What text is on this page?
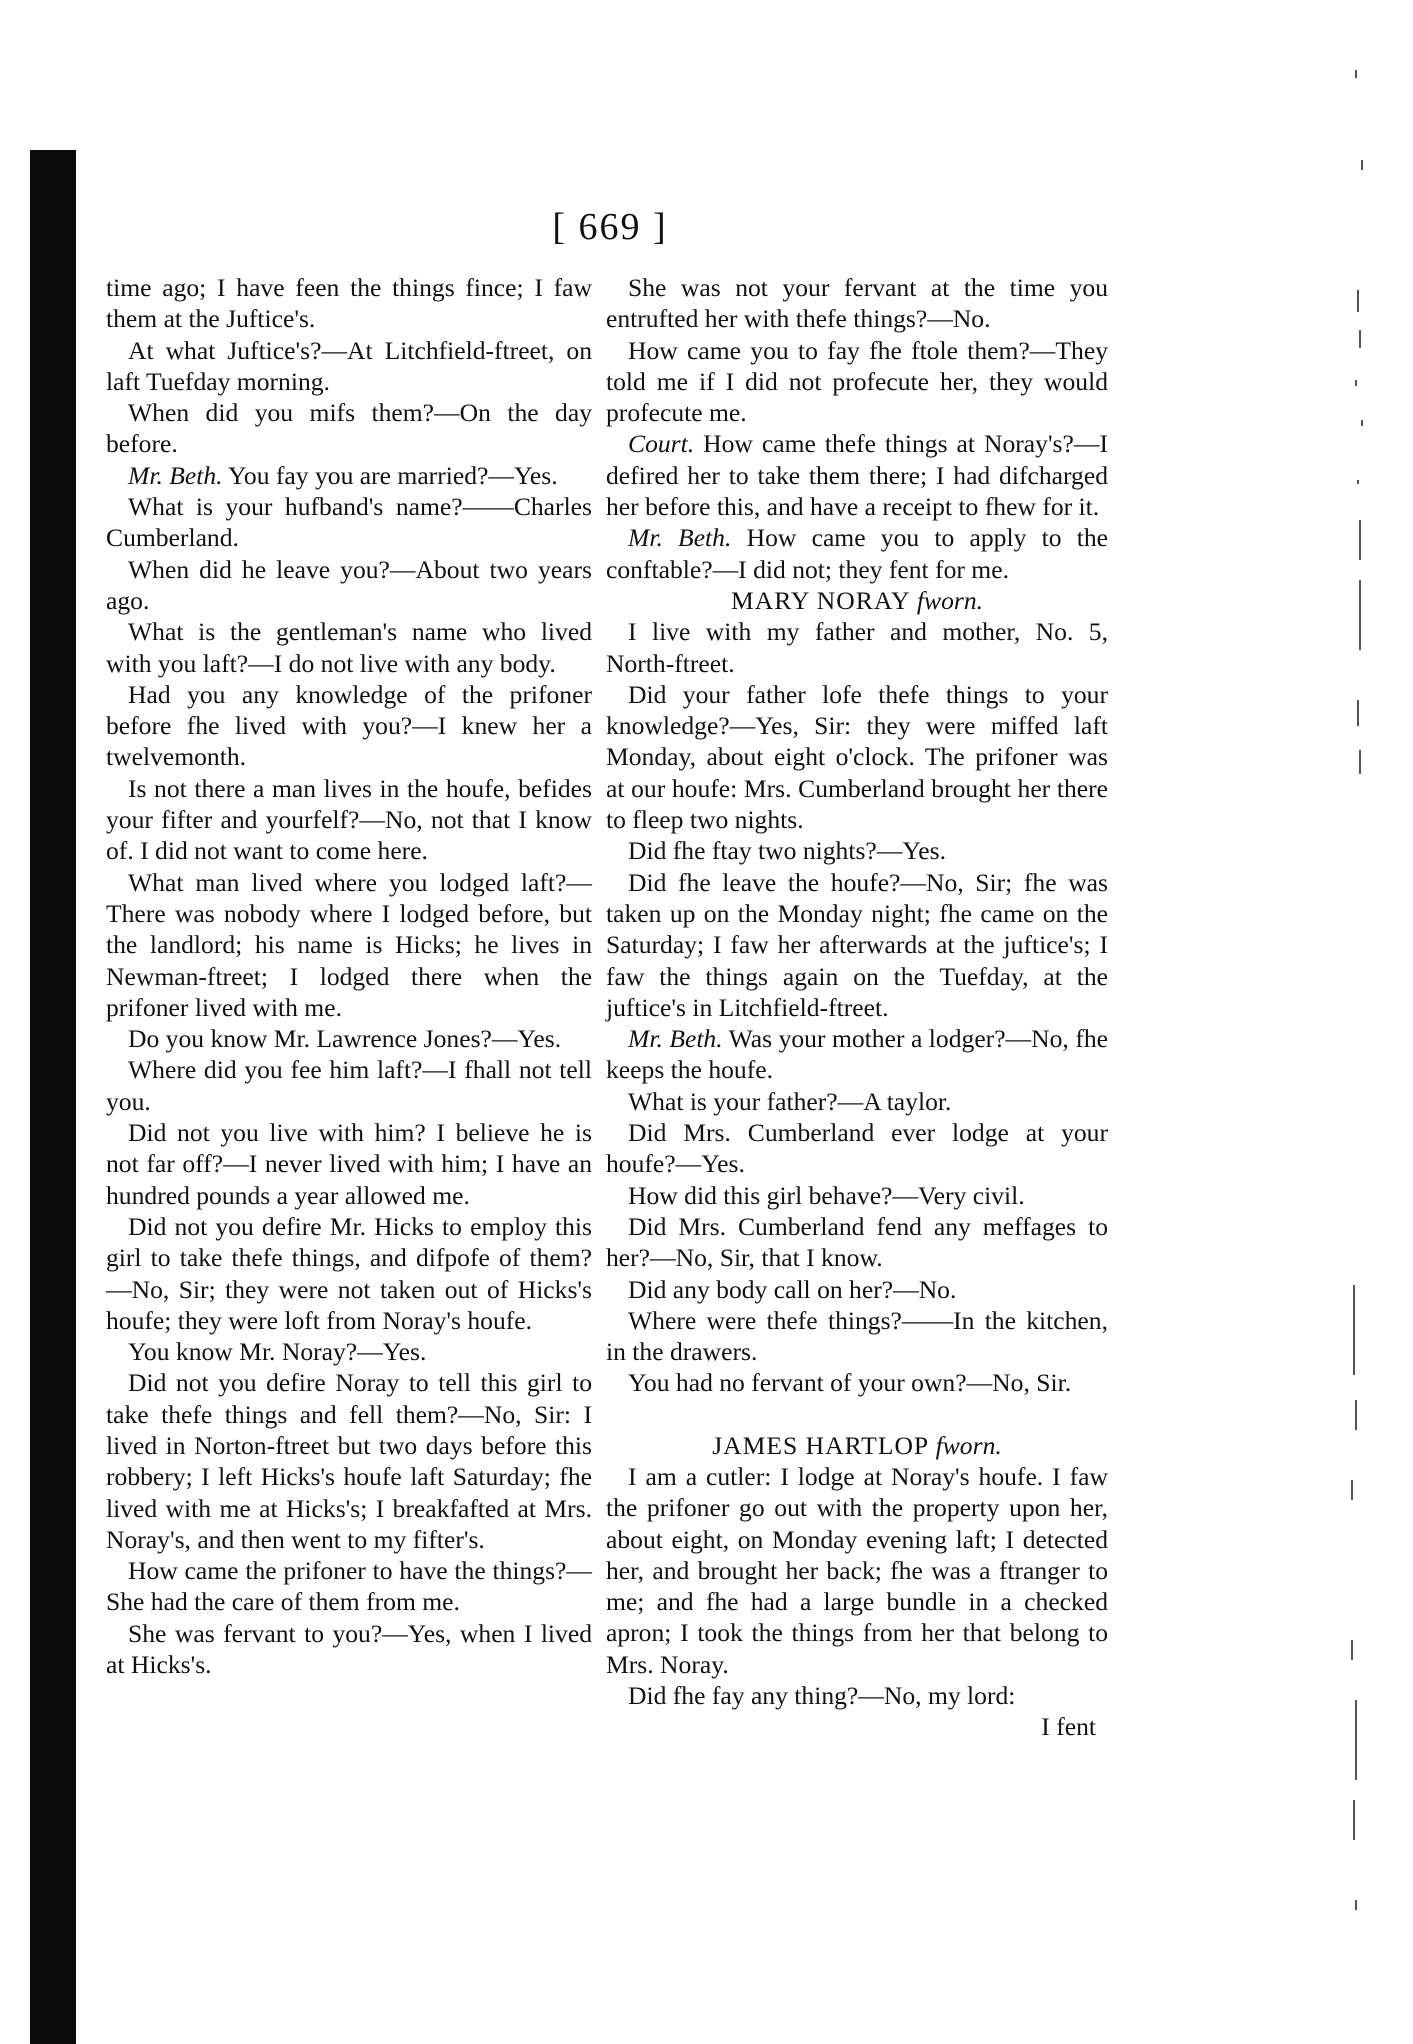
[ 669 ]

time ago; I have feen the things fince; I faw them at the Juftice's.

At what Juftice's?—At Litchfield-ftreet, on laft Tuefday morning.

When did you mifs them?—On the day before.

Mr. Beth. You fay you are married?—Yes.

What is your hufband's name?——Charles Cumberland.

When did he leave you?—About two years ago.

What is the gentleman's name who lived with you laft?—I do not live with any body.

Had you any knowledge of the prifoner before fhe lived with you?—I knew her a twelvemonth.

Is not there a man lives in the houfe, befides your fifter and yourfelf?—No, not that I know of. I did not want to come here.

What man lived where you lodged laft?—There was nobody where I lodged before, but the landlord; his name is Hicks; he lives in Newman-ftreet; I lodged there when the prifoner lived with me.

Do you know Mr. Lawrence Jones?—Yes.

Where did you fee him laft?—I fhall not tell you.

Did not you live with him? I believe he is not far off?—I never lived with him; I have an hundred pounds a year allowed me.

Did not you defire Mr. Hicks to employ this girl to take thefe things, and difpofe of them?—No, Sir; they were not taken out of Hicks's houfe; they were loft from Noray's houfe.

You know Mr. Noray?—Yes.

Did not you defire Noray to tell this girl to take thefe things and fell them?—No, Sir: I lived in Norton-ftreet but two days before this robbery; I left Hicks's houfe laft Saturday; fhe lived with me at Hicks's; I breakfafted at Mrs. Noray's, and then went to my fifter's.

How came the prifoner to have the things?—She had the care of them from me.

She was fervant to you?—Yes, when I lived at Hicks's.

She was not your fervant at the time you entrufted her with thefe things?—No.

How came you to fay fhe ftole them?—They told me if I did not profecute her, they would profecute me.

Court. How came thefe things at Noray's?—I defired her to take them there; I had difcharged her before this, and have a receipt to fhew for it.

Mr. Beth. How came you to apply to the conftable?—I did not; they fent for me.

MARY NORAY fworn.

I live with my father and mother, No. 5, North-ftreet.

Did your father lofe thefe things to your knowledge?—Yes, Sir: they were miffed laft Monday, about eight o'clock. The prifoner was at our houfe: Mrs. Cumberland brought her there to fleep two nights.

Did fhe ftay two nights?—Yes.

Did fhe leave the houfe?—No, Sir; fhe was taken up on the Monday night; fhe came on the Saturday; I faw her afterwards at the juftice's; I faw the things again on the Tuefday, at the juftice's in Litchfield-ftreet.

Mr. Beth. Was your mother a lodger?—No, fhe keeps the houfe.

What is your father?—A taylor.

Did Mrs. Cumberland ever lodge at your houfe?—Yes.

How did this girl behave?—Very civil.

Did Mrs. Cumberland fend any meffages to her?—No, Sir, that I know.

Did any body call on her?—No.

Where were thefe things?——In the kitchen, in the drawers.

You had no fervant of your own?—No, Sir.

JAMES HARTLOP fworn.

I am a cutler: I lodge at Noray's houfe. I faw the prifoner go out with the property upon her, about eight, on Monday evening laft; I detected her, and brought her back; fhe was a ftranger to me; and fhe had a large bundle in a checked apron; I took the things from her that belong to Mrs. Noray.

Did fhe fay any thing?—No, my lord:

I fent
